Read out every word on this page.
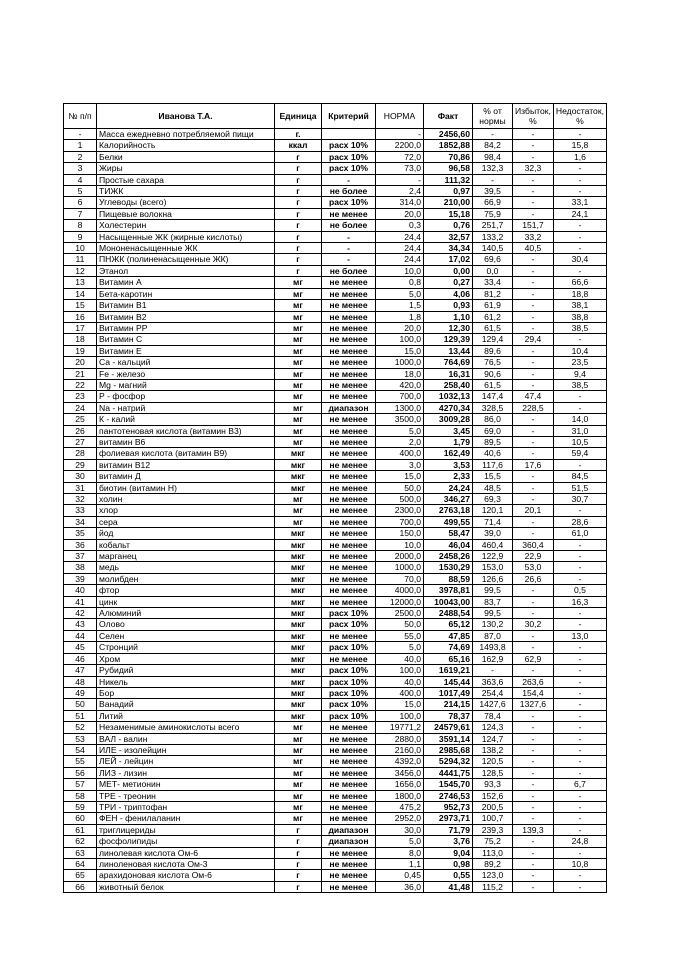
№ п/п	Иванова Т.А.	Единица	Критерий	НОРМА	Факт	% от нормы	Избыток, %	Недостаток, %
-	Масса ежедневно потребляемой пищи	г.		-	2456,60	-	-	-
1	Калорийность	ккал	расх 10%	2200,0	1852,88	84,2	-	15,8
2	Белки	г	расх 10%	72,0	70,86	98,4	-	1,6
3	Жиры	г	расх 10%	73,0	96,58	132,3	32,3	-
4	Простые сахара	г	-	-	111,32	-	-	-
5	ТИЖК	г	не более	2,4	0,97	39,5	-	-
6	Углеводы (всего)	г	расх 10%	314,0	210,00	66,9	-	33,1
7	Пищевые волокна	г	не менее	20,0	15,18	75,9	-	24,1
8	Холестерин	г	не более	0,3	0,76	251,7	151,7	-
9	Насыщенные ЖК (жирные кислоты)	г	-	24,4	32,57	133,2	33,2	-
10	Мононенасыщенные ЖК	г	-	24,4	34,34	140,5	40,5	-
11	ПНЖК (полиненасыщенные ЖК)	г	-	24,4	17,02	69,6	-	30,4
12	Этанол	г	не более	10,0	0,00	0,0	-	-
13	Витамин А	мг	не менее	0,8	0,27	33,4	-	66,6
14	Бета-каротин	мг	не менее	5,0	4,06	81,2	-	18,8
15	Витамин В1	мг	не менее	1,5	0,93	61,9	-	38,1
16	Витамин В2	мг	не менее	1,8	1,10	61,2	-	38,8
17	Витамин РР	мг	не менее	20,0	12,30	61,5	-	38,5
18	Витамин С	мг	не менее	100,0	129,39	129,4	29,4	-
19	Витамин Е	мг	не менее	15,0	13,44	89,6	-	10,4
20	Са - кальций	мг	не менее	1000,0	764,69	76,5	-	23,5
21	Fe - железо	мг	не менее	18,0	16,31	90,6	-	9,4
22	Mg - магний	мг	не менее	420,0	258,40	61,5	-	38,5
23	Р - фосфор	мг	не менее	700,0	1032,13	147,4	47,4	-
24	Na - натрий	мг	диапазон	1300,0	4270,34	328,5	228,5	-
25	К - калий	мг	не менее	3500,0	3009,28	86,0	-	14,0
26	пантотеновая кислота (витамин В3)	мг	не менее	5,0	3,45	69,0	-	31,0
27	витамин В6	мг	не менее	2,0	1,79	89,5	-	10,5
28	фолиевая кислота (витамин В9)	мкг	не менее	400,0	162,49	40,6	-	59,4
29	витамин В12	мкг	не менее	3,0	3,53	117,6	17,6	-
30	витамин Д	мкг	не менее	15,0	2,33	15,5	-	84,5
31	биотин (витамин Н)	мкг	не менее	50,0	24,24	48,5	-	51,5
32	холин	мг	не менее	500,0	346,27	69,3	-	30,7
33	хлор	мг	не менее	2300,0	2763,18	120,1	20,1	-
34	сера	мг	не менее	700,0	499,55	71,4	-	28,6
35	йод	мкг	не менее	150,0	58,47	39,0	-	61,0
36	кобальт	мкг	не менее	10,0	46,04	460,4	360,4	-
37	марганец	мкг	не менее	2000,0	2458,26	122,9	22,9	-
38	медь	мкг	не менее	1000,0	1530,29	153,0	53,0	-
39	молибден	мкг	не менее	70,0	88,59	126,6	26,6	-
40	фтор	мкг	не менее	4000,0	3978,81	99,5	-	0,5
41	цинк	мкг	не менее	12000,0	10043,00	83,7	-	16,3
42	Алюминий	мкг	расх 10%	2500,0	2488,54	99,5	-	-
43	Олово	мкг	расх 10%	50,0	65,12	130,2	30,2	-
44	Селен	мкг	не менее	55,0	47,85	87,0	-	13,0
45	Стронций	мкг	расх 10%	5,0	74,69	1493,8	-	-
46	Хром	мкг	не менее	40,0	65,16	162,9	62,9	-
47	Рубидий	мкг	расх 10%	100,0	1619,21	-	-	-
48	Никель	мкг	расх 10%	40,0	145,44	363,6	263,6	-
49	Бор	мкг	расх 10%	400,0	1017,49	254,4	154,4	-
50	Ванадий	мкг	расх 10%	15,0	214,15	1427,6	1327,6	-
51	Литий	мкг	расх 10%	100,0	78,37	78,4	-	-
52	Незаменимые аминокислоты всего	мг	не менее	19771,2	24579,61	124,3	-	-
53	ВАЛ - валин	мг	не менее	2880,0	3591,14	124,7	-	-
54	ИЛЕ - изолейцин	мг	не менее	2160,0	2985,68	138,2	-	-
55	ЛЕЙ - лейцин	мг	не менее	4392,0	5294,32	120,5	-	-
56	ЛИЗ - лизин	мг	не менее	3456,0	4441,75	128,5	-	-
57	МЕТ- метионин	мг	не менее	1656,0	1545,70	93,3	-	6,7
58	ТРЕ - треонин	мг	не менее	1800,0	2746,53	152,6	-	-
59	ТРИ - триптофан	мг	не менее	475,2	952,73	200,5	-	-
60	ФЕН - фенилаланин	мг	не менее	2952,0	2973,71	100,7	-	-
61	триглицериды	г	диапазон	30,0	71,79	239,3	139,3	-
62	фосфолипиды	г	диапазон	5,0	3,76	75,2	-	24,8
63	линолевая кислота Ом-6	г	не менее	8,0	9,04	113,0	-	-
64	линоленовая кислота Ом-3	г	не менее	1,1	0,98	89,2	-	10,8
65	арахидоновая кислота Ом-6	г	не менее	0,45	0,55	123,0	-	-
66	животный белок	г	не менее	36,0	41,48	115,2	-	-
